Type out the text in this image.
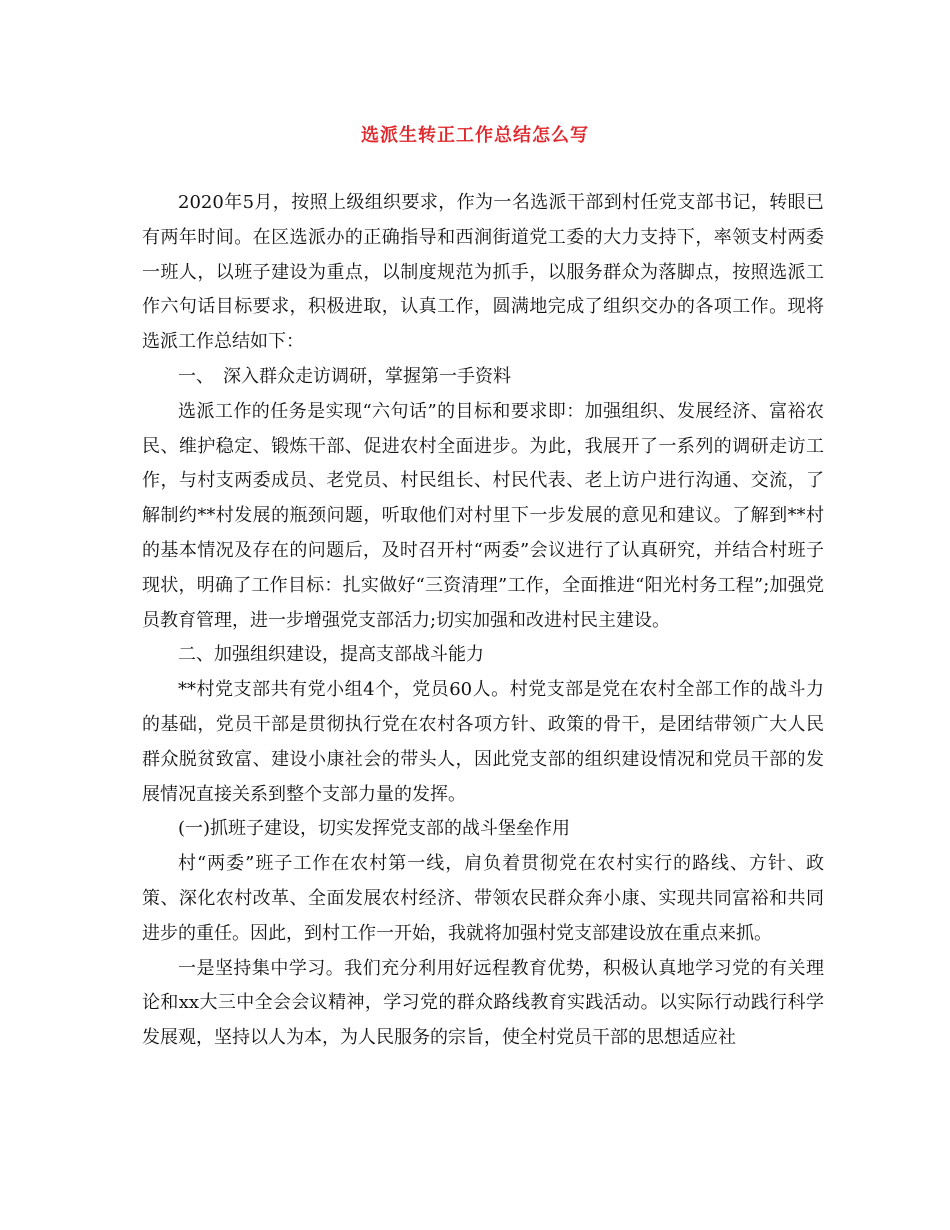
选派生转正工作总结怎么写

2020年5月，按照上级组织要求，作为一名选派干部到村任党支部书记，转眼已有两年时间。在区选派办的正确指导和西涧街道党工委的大力支持下，率领支村两委一班人，以班子建设为重点，以制度规范为抓手，以服务群众为落脚点，按照选派工作六句话目标要求，积极进取，认真工作，圆满地完成了组织交办的各项工作。现将选派工作总结如下：

一、　深入群众走访调研，掌握第一手资料

选派工作的任务是实现“六句话”的目标和要求即：加强组织、发展经济、富裕农民、维护稳定、锻炼干部、促进农村全面进步。为此，我展开了一系列的调研走访工作，与村支两委成员、老党员、村民组长、村民代表、老上访户进行沟通、交流，了解制约**村发展的瓶颈问题，听取他们对村里下一步发展的意见和建议。了解到**村的基本情况及存在的问题后，及时召开村“两委”会议进行了认真研究，并结合村班子现状，明确了工作目标：扎实做好“三资清理”工作，全面推进“阳光村务工程”;加强党员教育管理，进一步增强党支部活力;切实加强和改进村民主建设。

二、加强组织建设，提高支部战斗能力

**村党支部共有党小组4个，党员60人。村党支部是党在农村全部工作的战斗力的基础，党员干部是贯彻执行党在农村各项方针、政策的骨干，是团结带领广大人民群众脱贫致富、建设小康社会的带头人，因此党支部的组织建设情况和党员干部的发展情况直接关系到整个支部力量的发挥。

(一)抓班子建设，切实发挥党支部的战斗堡垒作用

村“两委”班子工作在农村第一线，肩负着贯彻党在农村实行的路线、方针、政策、深化农村改革、全面发展农村经济、带领农民群众奔小康、实现共同富裕和共同进步的重任。因此，到村工作一开始，我就将加强村党支部建设放在重点来抓。

一是坚持集中学习。我们充分利用好远程教育优势，积极认真地学习党的有关理论和xx大三中全会会议精神，学习党的群众路线教育实践活动。以实际行动践行科学发展观，坚持以人为本，为人民服务的宗旨，使全村党员干部的思想适应社
